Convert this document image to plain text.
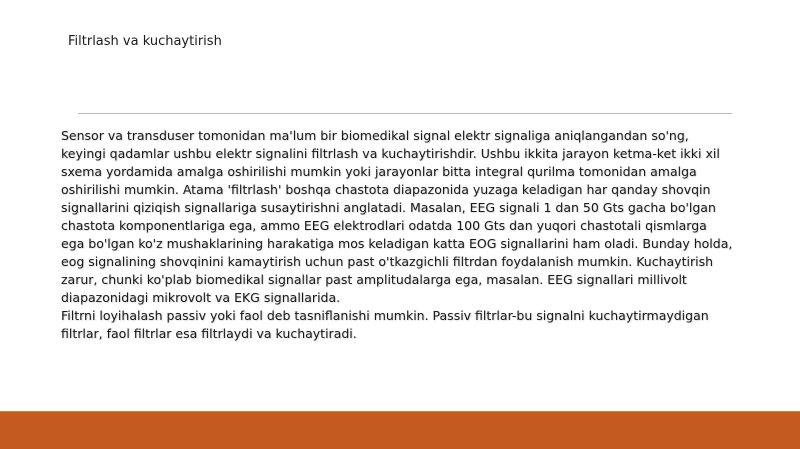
Filtrlash va kuchaytirish

Sensor va transduser tomonidan ma'lum bir biomedikal signal elektr signaliga aniqlangandan so'ng, keyingi qadamlar ushbu elektr signalini filtrlash va kuchaytirishdir. Ushbu ikkita jarayon ketma-ket ikki xil sxema yordamida amalga oshirilishi mumkin yoki jarayonlar bitta integral qurilma tomonidan amalga oshirilishi mumkin. Atama 'filtrlash' boshqa chastota diapazonida yuzaga keladigan har qanday shovqin signallarini qiziqish signallariga susaytirishni anglatadi. Masalan, EEG signali 1 dan 50 Gts gacha bo'lgan chastota komponentlariga ega, ammo EEG elektrodlari odatda 100 Gts dan yuqori chastotali qismlarga ega bo'lgan ko'z mushaklarining harakatiga mos keladigan katta EOG signallarini ham oladi. Bunday holda, eog signalining shovqinini kamaytirish uchun past o'tkazgichli filtrdan foydalanish mumkin. Kuchaytirish zarur, chunki ko'plab biomedikal signallar past amplitudalarga ega, masalan. EEG signallari millivolt diapazonidagi mikrovolt va EKG signallarida.

Filtrni loyihalash passiv yoki faol deb tasniflanishi mumkin. Passiv filtrlar-bu signalni kuchaytirmaydigan filtrlar, faol filtrlar esa filtrlaydi va kuchaytiradi.
